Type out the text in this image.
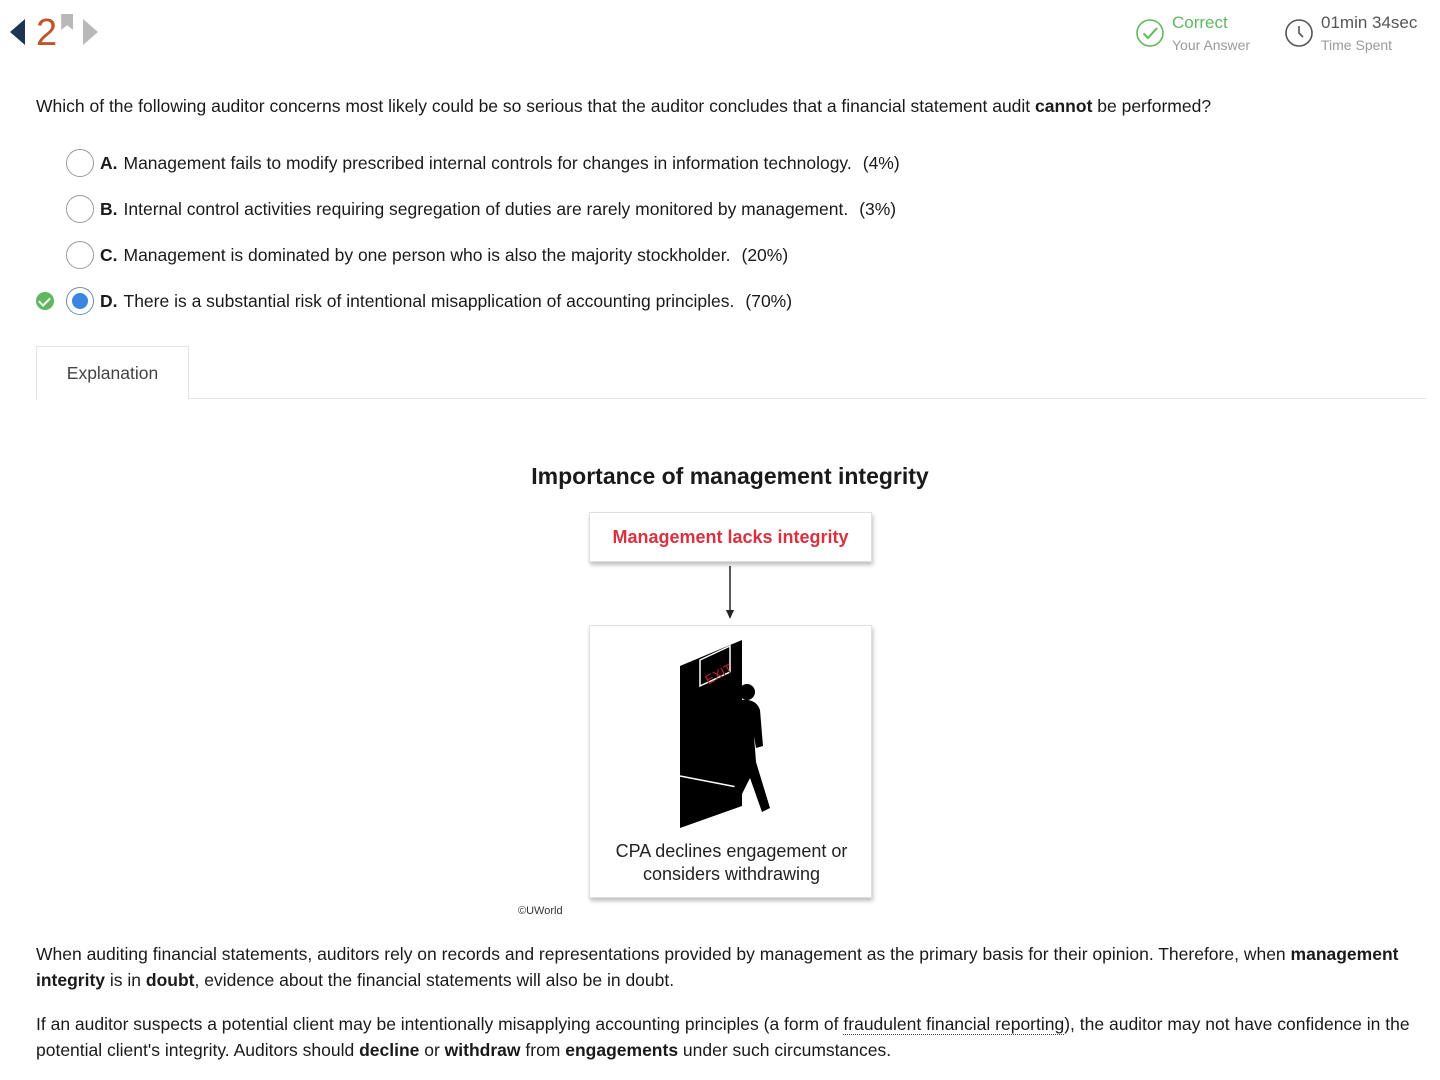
2	Correct
Your Answer
01min 34sec
Time Spent
Which of the following auditor concerns most likely could be so serious that the auditor concludes that a financial statement audit cannot be performed?
A. Management fails to modify prescribed internal controls for changes in information technology. (4%)
B. Internal control activities requiring segregation of duties are rarely monitored by management. (3%)
C. Management is dominated by one person who is also the majority stockholder. (20%)
D. There is a substantial risk of intentional misapplication of accounting principles. (70%)
Explanation
Importance of management integrity
Management lacks integrity
EXIT
CPA declines engagement or
considers withdrawing
©UWorld
When auditing financial statements, auditors rely on records and representations provided by management as the primary basis for their opinion. Therefore, when management integrity is in doubt, evidence about the financial statements will also be in doubt.
If an auditor suspects a potential client may be intentionally misapplying accounting principles (a form of fraudulent financial reporting), the auditor may not have confidence in the potential client's integrity. Auditors should decline or withdraw from engagements under such circumstances.
